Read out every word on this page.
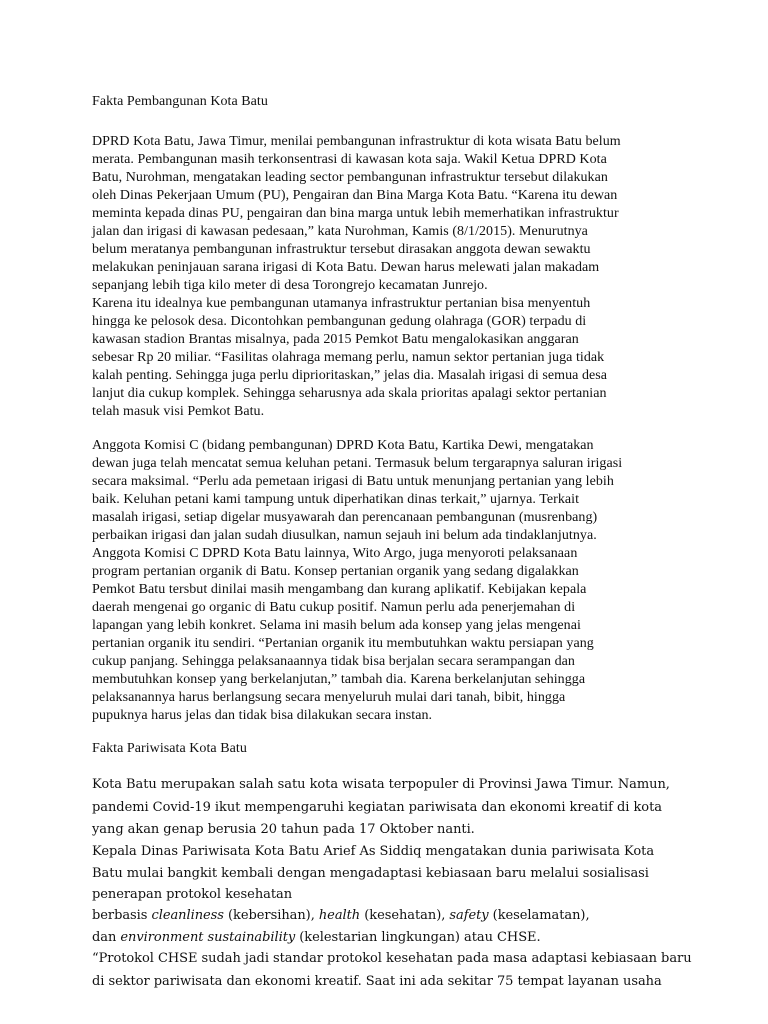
Fakta Pembangunan Kota Batu
DPRD Kota Batu, Jawa Timur, menilai pembangunan infrastruktur di kota wisata Batu belum
merata. Pembangunan masih terkonsentrasi di kawasan kota saja. Wakil Ketua DPRD Kota
Batu, Nurohman, mengatakan leading sector pembangunan infrastruktur tersebut dilakukan
oleh Dinas Pekerjaan Umum (PU), Pengairan dan Bina Marga Kota Batu. “Karena itu dewan
meminta kepada dinas PU, pengairan dan bina marga untuk lebih memerhatikan infrastruktur
jalan dan irigasi di kawasan pedesaan,” kata Nurohman, Kamis (8/1/2015). Menurutnya
belum meratanya pembangunan infrastruktur tersebut dirasakan anggota dewan sewaktu
melakukan peninjauan sarana irigasi di Kota Batu. Dewan harus melewati jalan makadam
sepanjang lebih tiga kilo meter di desa Torongrejo kecamatan Junrejo.
Karena itu idealnya kue pembangunan utamanya infrastruktur pertanian bisa menyentuh
hingga ke pelosok desa. Dicontohkan pembangunan gedung olahraga (GOR) terpadu di
kawasan stadion Brantas misalnya, pada 2015 Pemkot Batu mengalokasikan anggaran
sebesar Rp 20 miliar. “Fasilitas olahraga memang perlu, namun sektor pertanian juga tidak
kalah penting. Sehingga juga perlu diprioritaskan,” jelas dia. Masalah irigasi di semua desa
lanjut dia cukup komplek. Sehingga seharusnya ada skala prioritas apalagi sektor pertanian
telah masuk visi Pemkot Batu.
Anggota Komisi C (bidang pembangunan) DPRD Kota Batu, Kartika Dewi, mengatakan
dewan juga telah mencatat semua keluhan petani. Termasuk belum tergarapnya saluran irigasi
secara maksimal. “Perlu ada pemetaan irigasi di Batu untuk menunjang pertanian yang lebih
baik. Keluhan petani kami tampung untuk diperhatikan dinas terkait,” ujarnya. Terkait
masalah irigasi, setiap digelar musyawarah dan perencanaan pembangunan (musrenbang)
perbaikan irigasi dan jalan sudah diusulkan, namun sejauh ini belum ada tindaklanjutnya.
Anggota Komisi C DPRD Kota Batu lainnya, Wito Argo, juga menyoroti pelaksanaan
program pertanian organik di Batu. Konsep pertanian organik yang sedang digalakkan
Pemkot Batu tersbut dinilai masih mengambang dan kurang aplikatif. Kebijakan kepala
daerah mengenai go organic di Batu cukup positif. Namun perlu ada penerjemahan di
lapangan yang lebih konkret. Selama ini masih belum ada konsep yang jelas mengenai
pertanian organik itu sendiri. “Pertanian organik itu membutuhkan waktu persiapan yang
cukup panjang. Sehingga pelaksanaannya tidak bisa berjalan secara serampangan dan
membutuhkan konsep yang berkelanjutan,” tambah dia. Karena berkelanjutan sehingga
pelaksanannya harus berlangsung secara menyeluruh mulai dari tanah, bibit, hingga
pupuknya harus jelas dan tidak bisa dilakukan secara instan.
Fakta Pariwisata Kota Batu
Kota Batu merupakan salah satu kota wisata terpopuler di Provinsi Jawa Timur. Namun,
pandemi Covid-19 ikut mempengaruhi kegiatan pariwisata dan ekonomi kreatif di kota
yang akan genap berusia 20 tahun pada 17 Oktober nanti.
Kepala Dinas Pariwisata Kota Batu Arief As Siddiq mengatakan dunia pariwisata Kota
Batu mulai bangkit kembali dengan mengadaptasi kebiasaan baru melalui sosialisasi
penerapan protokol kesehatan
berbasis cleanliness (kebersihan), health (kesehatan), safety (keselamatan),
dan environment sustainability (kelestarian lingkungan) atau CHSE.
“Protokol CHSE sudah jadi standar protokol kesehatan pada masa adaptasi kebiasaan baru
di sektor pariwisata dan ekonomi kreatif. Saat ini ada sekitar 75 tempat layanan usaha
